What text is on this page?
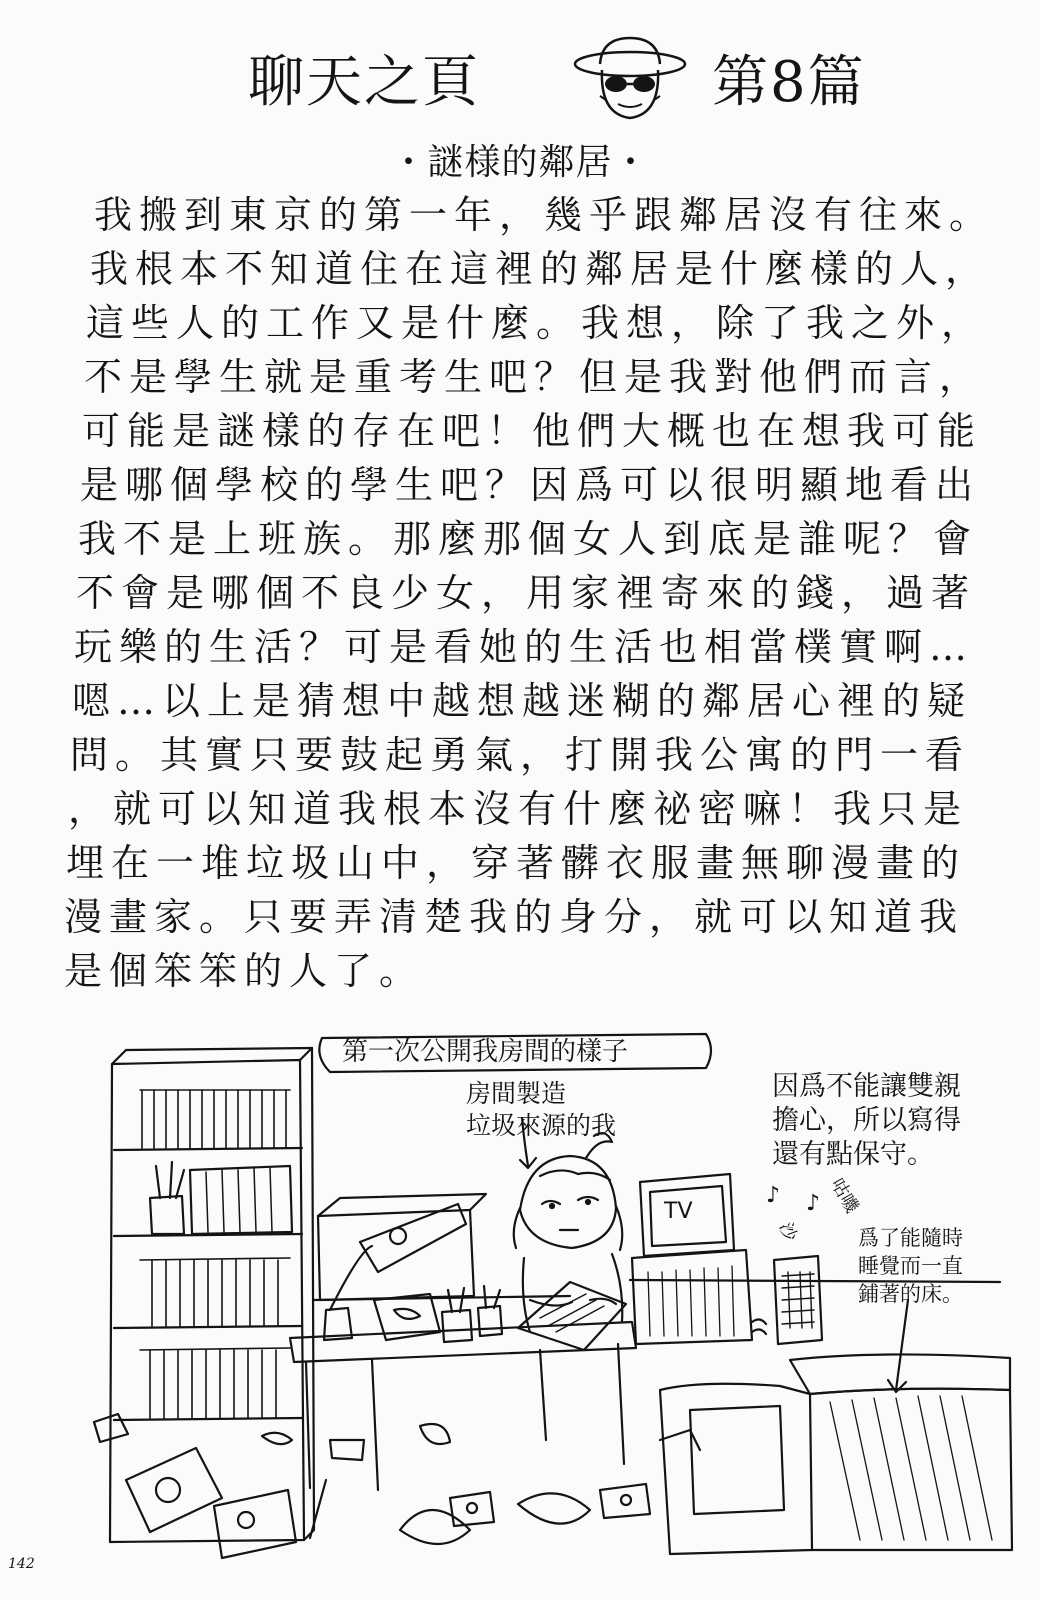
聊天之頁	第8篇
・謎様的鄰居・
我搬到東京的第一年，幾乎跟鄰居沒有往來。
我根本不知道住在這裡的鄰居是什麼樣的人，
這些人的工作又是什麼。我想，除了我之外，
不是學生就是重考生吧？但是我對他們而言，
可能是謎樣的存在吧！他們大概也在想我可能
是哪個學校的學生吧？因爲可以很明顯地看出
我不是上班族。那麼那個女人到底是誰呢？會
不會是哪個不良少女，用家裡寄來的錢，過著
玩樂的生活？可是看她的生活也相當樸實啊…
嗯…以上是猜想中越想越迷糊的鄰居心裡的疑
問。其實只要鼓起勇氣，打開我公寓的門一看
，就可以知道我根本沒有什麼祕密嘛！我只是
埋在一堆垃圾山中，穿著髒衣服畫無聊漫畫的
漫畫家。只要弄清楚我的身分，就可以知道我
是個笨笨的人了。
第一次公開我房間的樣子
房間製造
垃圾來源的我
因爲不能讓雙親
擔心，所以寫得
還有點保守。
爲了能隨時
睡覺而一直
鋪著的床。
TV
沙
♪ ♪ 咕嘰
142
